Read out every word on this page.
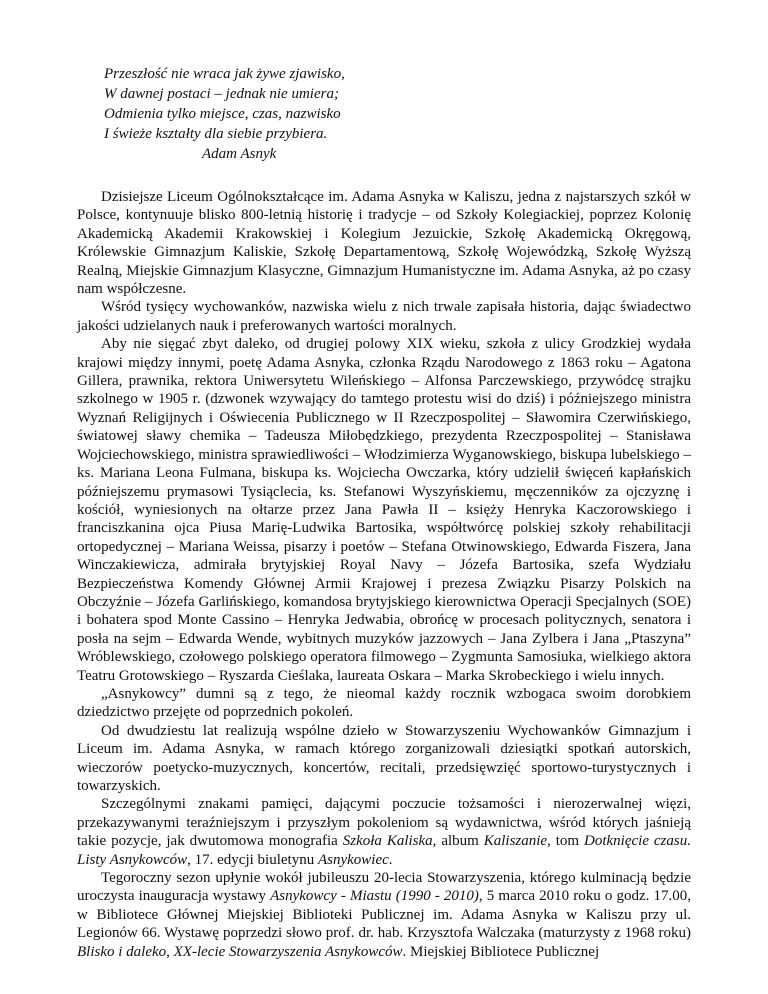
Przeszłość nie wraca jak żywe zjawisko,
W dawnej postaci – jednak nie umiera;
Odmienia tylko miejsce, czas, nazwisko
I świeże kształty dla siebie przybiera.
Adam Asnyk

Dzisiejsze Liceum Ogólnokształcące im. Adama Asnyka w Kaliszu, jedna z najstarszych szkół w Polsce, kontynuuje blisko 800-letnią historię i tradycje – od Szkoły Kolegiackiej, poprzez Kolonię Akademicką Akademii Krakowskiej i Kolegium Jezuickie, Szkołę Akademicką Okręgową, Królewskie Gimnazjum Kaliskie, Szkołę Departamentową, Szkołę Wojewódzką, Szkołę Wyższą Realną, Miejskie Gimnazjum Klasyczne, Gimnazjum Humanistyczne im. Adama Asnyka, aż po czasy nam współczesne.

Wśród tysięcy wychowanków, nazwiska wielu z nich trwale zapisała historia, dając świadectwo jakości udzielanych nauk i preferowanych wartości moralnych.

Aby nie sięgać zbyt daleko, od drugiej polowy XIX wieku, szkoła z ulicy Grodzkiej wydała krajowi między innymi, poetę Adama Asnyka, członka Rządu Narodowego z 1863 roku – Agatona Gillera, prawnika, rektora Uniwersytetu Wileńskiego – Alfonsa Parczewskiego, przywódcę strajku szkolnego w 1905 r. (dzwonek wzywający do tamtego protestu wisi do dziś) i późniejszego ministra Wyznań Religijnych i Oświecenia Publicznego w II Rzeczpospolitej – Sławomira Czerwińskiego, światowej sławy chemika – Tadeusza Miłobędzkiego, prezydenta Rzeczpospolitej – Stanisława Wojciechowskiego, ministra sprawiedliwości – Włodzimierza Wyganowskiego, biskupa lubelskiego – ks. Mariana Leona Fulmana, biskupa ks. Wojciecha Owczarka, który udzielił święceń kapłańskich późniejszemu prymasowi Tysiąclecia, ks. Stefanowi Wyszyńskiemu, męczenników za ojczyznę i kościół, wyniesionych na ołtarze przez Jana Pawła II – księży Henryka Kaczorowskiego i franciszkanina ojca Piusa Marię-Ludwika Bartosika, współtwórcę polskiej szkoły rehabilitacji ortopedycznej – Mariana Weissa, pisarzy i poetów – Stefana Otwinowskiego, Edwarda Fiszera, Jana Winczakiewicza, admirała brytyjskiej Royal Navy – Józefa Bartosika, szefa Wydziału Bezpieczeństwa Komendy Głównej Armii Krajowej i prezesa Związku Pisarzy Polskich na Obczyźnie – Józefa Garlińskiego, komandosa brytyjskiego kierownictwa Operacji Specjalnych (SOE) i bohatera spod Monte Cassino – Henryka Jedwabia, obrońcę w procesach politycznych, senatora i posła na sejm – Edwarda Wende, wybitnych muzyków jazzowych – Jana Zylbera i Jana „Ptaszyna” Wróblewskiego, czołowego polskiego operatora filmowego – Zygmunta Samosiuka, wielkiego aktora Teatru Grotowskiego – Ryszarda Cieślaka, laureata Oskara – Marka Skrobeckiego i wielu innych.

„Asnykowcy” dumni są z tego, że nieomal każdy rocznik wzbogaca swoim dorobkiem dziedzictwo przejęte od poprzednich pokoleń.

Od dwudziestu lat realizują wspólne dzieło w Stowarzyszeniu Wychowanków Gimnazjum i Liceum im. Adama Asnyka, w ramach którego zorganizowali dziesiątki spotkań autorskich, wieczorów poetycko-muzycznych, koncertów, recitali, przedsięwzięć sportowo-turystycznych i towarzyskich.

Szczególnymi znakami pamięci, dającymi poczucie tożsamości i nierozerwalnej więzi, przekazywanymi teraźniejszym i przyszłym pokoleniom są wydawnictwa, wśród których jaśnieją takie pozycje, jak dwutomowa monografia Szkoła Kaliska, album Kaliszanie, tom Dotknięcie czasu. Listy Asnykowców, 17. edycji biuletynu Asnykowiec.

Tegoroczny sezon upłynie wokół jubileuszu 20-lecia Stowarzyszenia, którego kulminacją będzie uroczysta inauguracja wystawy Asnykowcy - Miastu (1990 - 2010), 5 marca 2010 roku o godz. 17.00, w Bibliotece Głównej Miejskiej Biblioteki Publicznej im. Adama Asnyka w Kaliszu przy ul. Legionów 66. Wystawę poprzedzi słowo prof. dr. hab. Krzysztofa Walczaka (maturzysty z 1968 roku) Blisko i daleko, XX-lecie Stowarzyszenia Asnykowców. Miejskiej Bibliotece Publicznej
